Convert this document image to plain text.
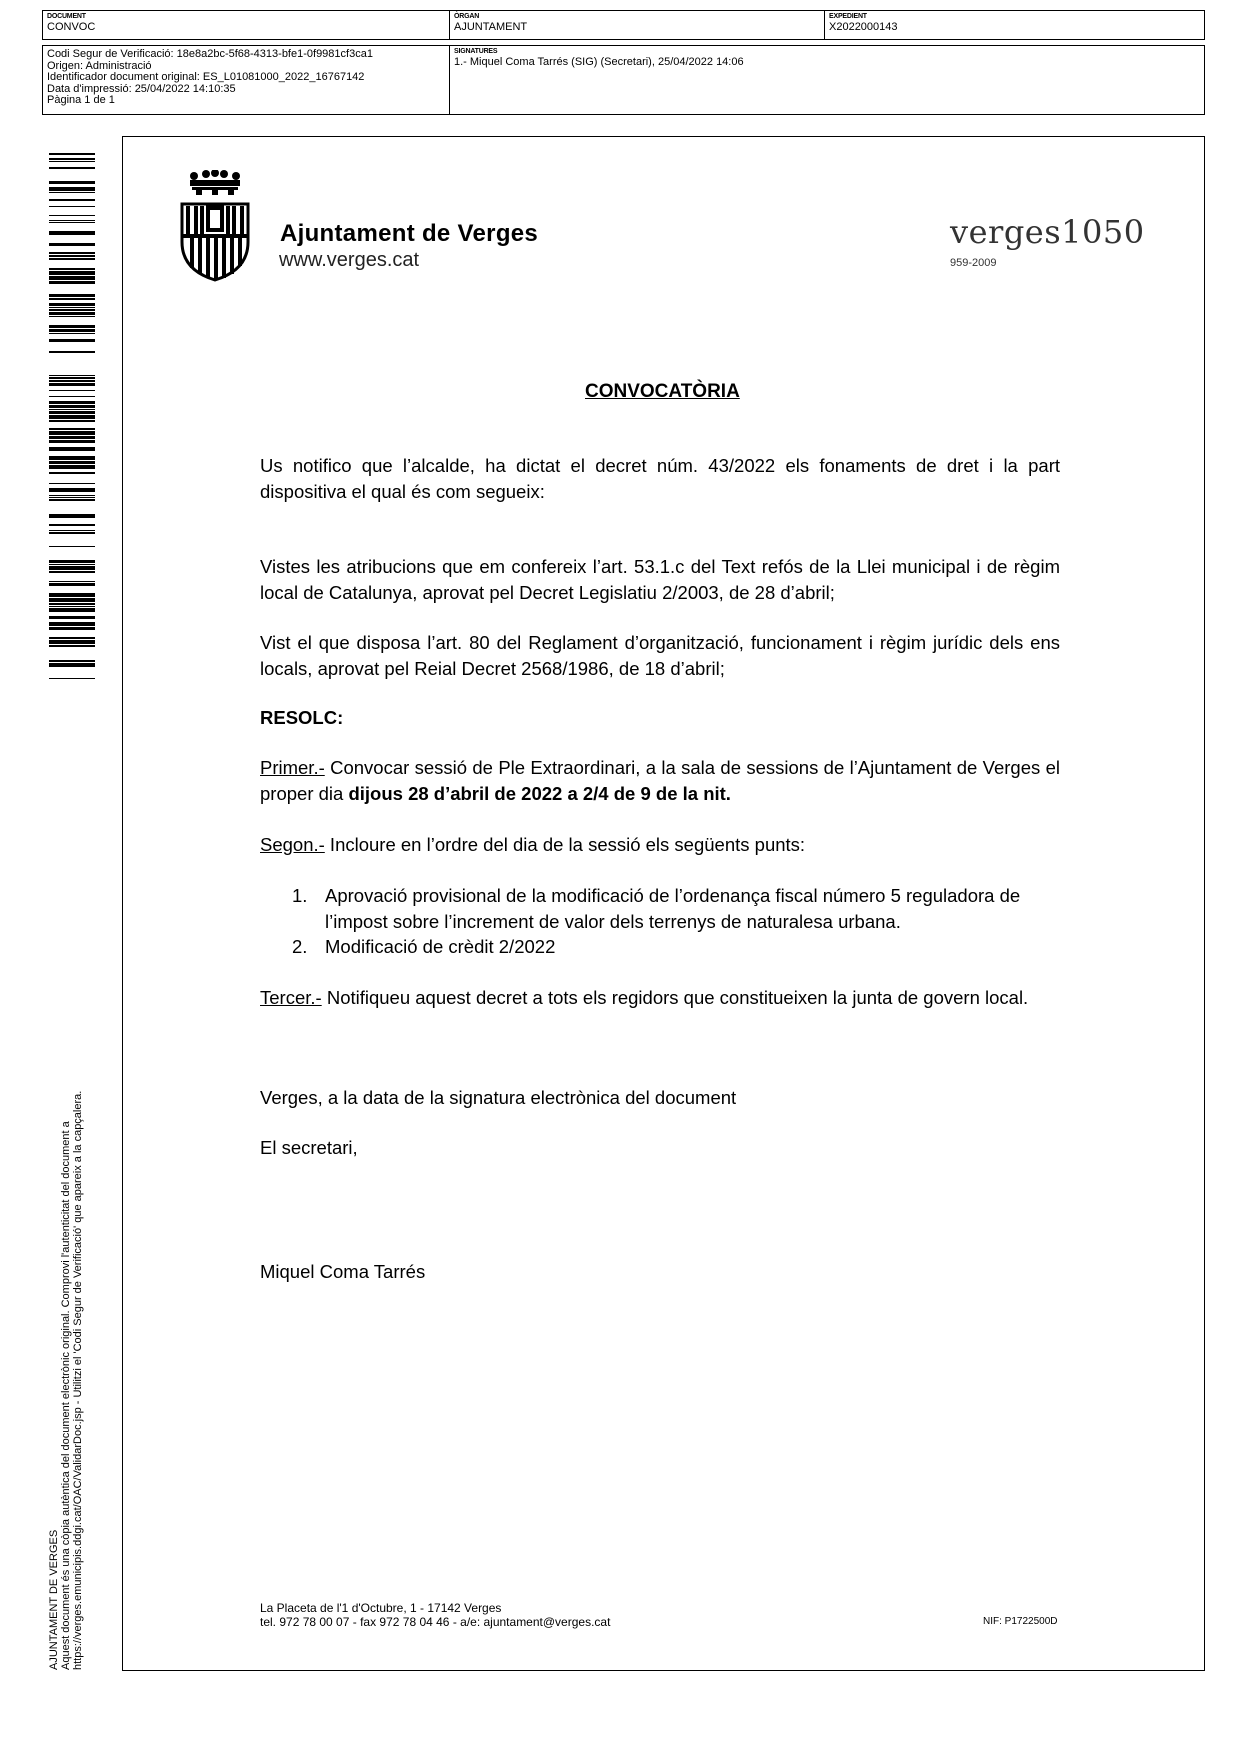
DOCUMENT
CONVOC
ÒRGAN
AJUNTAMENT
EXPEDIENT
X2022000143
Codi Segur de Verificació: 18e8a2bc-5f68-4313-bfe1-0f9981cf3ca1
Origen: Administració
Identificador document original: ES_L01081000_2022_16767142
Data d'impressió: 25/04/2022 14:10:35
Pàgina 1 de 1
SIGNATURES
1.- Miquel Coma Tarrés (SIG) (Secretari), 25/04/2022 14:06
AJUNTAMENT DE VERGES Aquest document és una còpia autèntica del document electrònic original. Comprovi l'autenticitat del document a https://verges.emunicipis.ddgi.cat/OAC/ValidarDoc.jsp - Utilitzi el 'Codi Segur de Verificació' que apareix a la capçalera.
Ajuntament de Verges
www.verges.cat
verges1050
959-2009
CONVOCATÒRIA
Us notifico que l’alcalde, ha dictat el decret núm. 43/2022 els fonaments de dret i la part dispositiva el qual és com segueix:
Vistes les atribucions que em confereix l’art. 53.1.c del Text refós de la Llei municipal i de règim local de Catalunya, aprovat pel Decret Legislatiu 2/2003, de 28 d’abril;
Vist el que disposa l’art. 80 del Reglament d’organització, funcionament i règim jurídic dels ens locals, aprovat pel Reial Decret 2568/1986, de 18 d’abril;
RESOLC:
Primer.- Convocar sessió de Ple Extraordinari, a la sala de sessions de l’Ajuntament de Verges el proper dia dijous 28 d’abril de 2022 a 2/4 de 9 de la nit.
Segon.- Incloure en l’ordre del dia de la sessió els següents punts:
1. Aprovació provisional de la modificació de l’ordenança fiscal número 5 reguladora de l’impost sobre l’increment de valor dels terrenys de naturalesa urbana.
2. Modificació de crèdit 2/2022
Tercer.- Notifiqueu aquest decret a tots els regidors que constitueixen la junta de govern local.
Verges, a la data de la signatura electrònica del document
El secretari,
Miquel Coma Tarrés
La Placeta de l'1 d'Octubre, 1 - 17142 Verges
tel. 972 78 00 07 - fax 972 78 04 46 - a/e: ajuntament@verges.cat	NIF: P1722500D
